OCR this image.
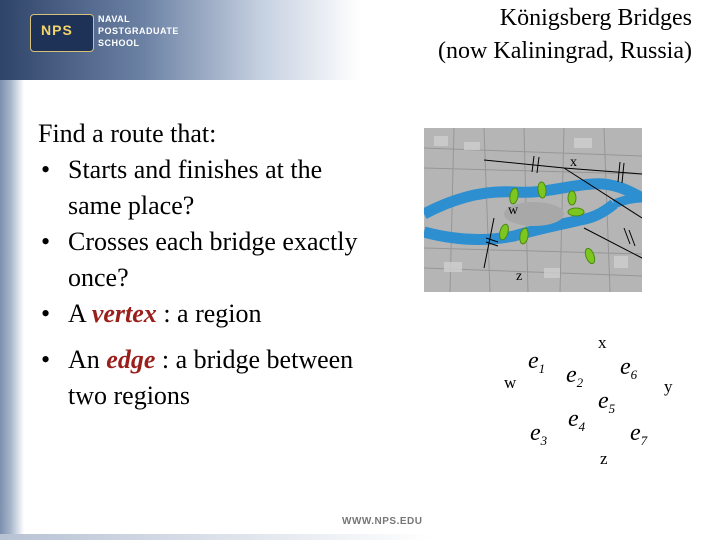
NPS
NAVAL
POSTGRADUATE
SCHOOL
Königsberg Bridges
(now Kaliningrad, Russia)

Find a route that:

• Starts and finishes at the same place?
• Crosses each bridge exactly once?
• A vertex : a region
• An edge : a bridge between two regions
x
w
z
x
w	y
z
$e_1$ $e_2$
$e_3$
$e_4$
$e_5$
$e_6$
$e_7$
WWW.NPS.EDU
